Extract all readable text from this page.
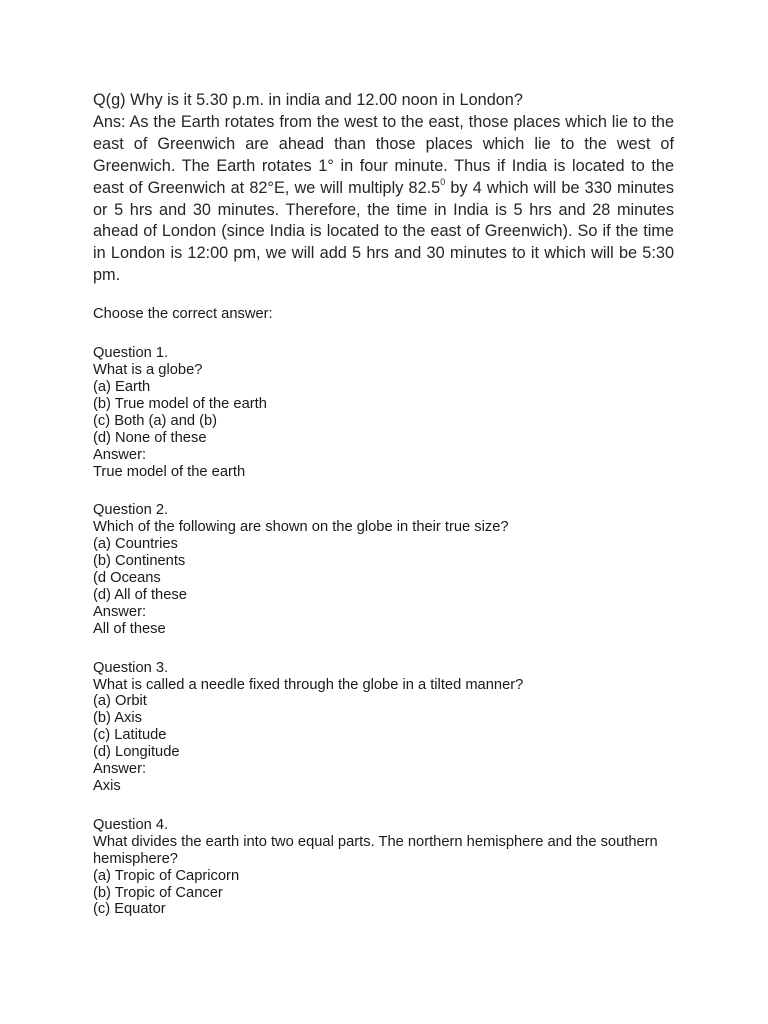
Q(g) Why is it 5.30 p.m. in india and 12.00 noon in London?

Ans: As the Earth rotates from the west to the east, those places which lie to the east of Greenwich are ahead than those places which lie to the west of Greenwich. The Earth rotates 1° in four minute. Thus if India is located to the east of Greenwich at 82°E, we will multiply 82.5$^0$ by 4 which will be 330 minutes or 5 hrs and 30 minutes. Therefore, the time in India is 5 hrs and 28 minutes ahead of London (since India is located to the east of Greenwich). So if the time in London is 12:00 pm, we will add 5 hrs and 30 minutes to it which will be 5:30 pm.

Choose the correct answer:

Question 1.
What is a globe?
(a) Earth
(b) True model of the earth
(c) Both (a) and (b)
(d) None of these
Answer:
True model of the earth
Question 2.
Which of the following are shown on the globe in their true size?
(a) Countries
(b) Continents
(d Oceans
(d) All of these
Answer:
All of these
Question 3.
What is called a needle fixed through the globe in a tilted manner?
(a) Orbit
(b) Axis
(c) Latitude
(d) Longitude
Answer:
Axis
Question 4.
What divides the earth into two equal parts. The northern hemisphere and the southern hemisphere?
(a) Tropic of Capricorn
(b) Tropic of Cancer
(c) Equator
